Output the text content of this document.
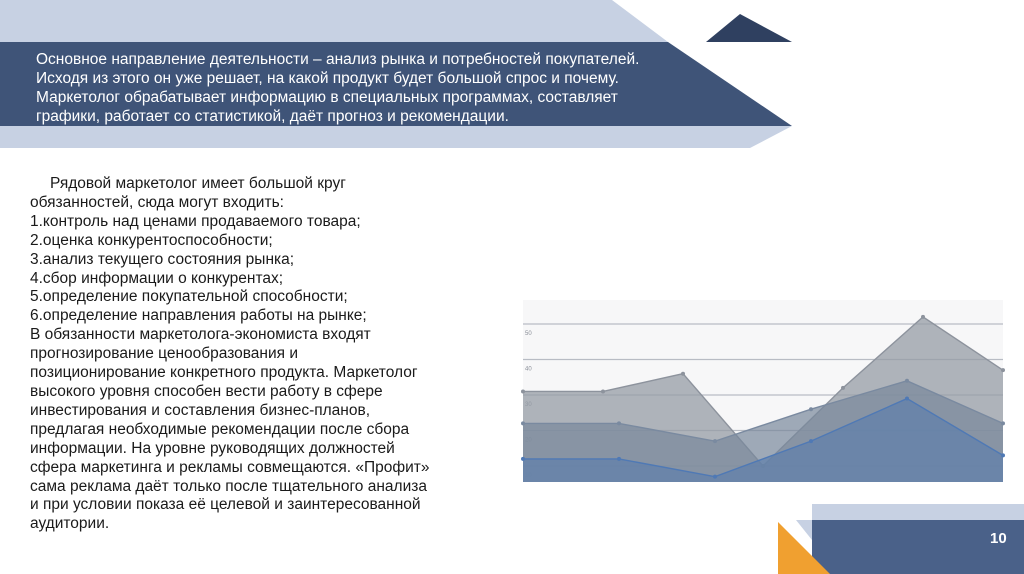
Основное направление деятельности – анализ рынка и потребностей покупателей.
Исходя из этого он уже решает, на какой продукт будет большой спрос и почему.
Маркетолог обрабатывает информацию в специальных программах, составляет
графики, работает со статистикой, даёт прогноз и рекомендации.
Рядовой маркетолог имеет большой круг
обязанностей, сюда могут входить:
1.контроль над ценами продаваемого товара;
2.оценка конкурентоспособности;
3.анализ текущего состояния рынка;
4.сбор информации о конкурентах;
5.определение покупательной способности;
6.определение направления работы на рынке;
В обязанности маркетолога-экономиста входят
прогнозирование ценообразования и
позиционирование конкретного продукта. Маркетолог
высокого уровня способен вести работу в сфере
инвестирования и составления бизнес-планов,
предлагая необходимые рекомендации после сбора
информации. На уровне руководящих должностей
сфера маркетинга и рекламы совмещаются. «Профит»
сама реклама даёт только после тщательного анализа
и при условии показа её целевой и заинтересованной
аудитории.
40
50
10
